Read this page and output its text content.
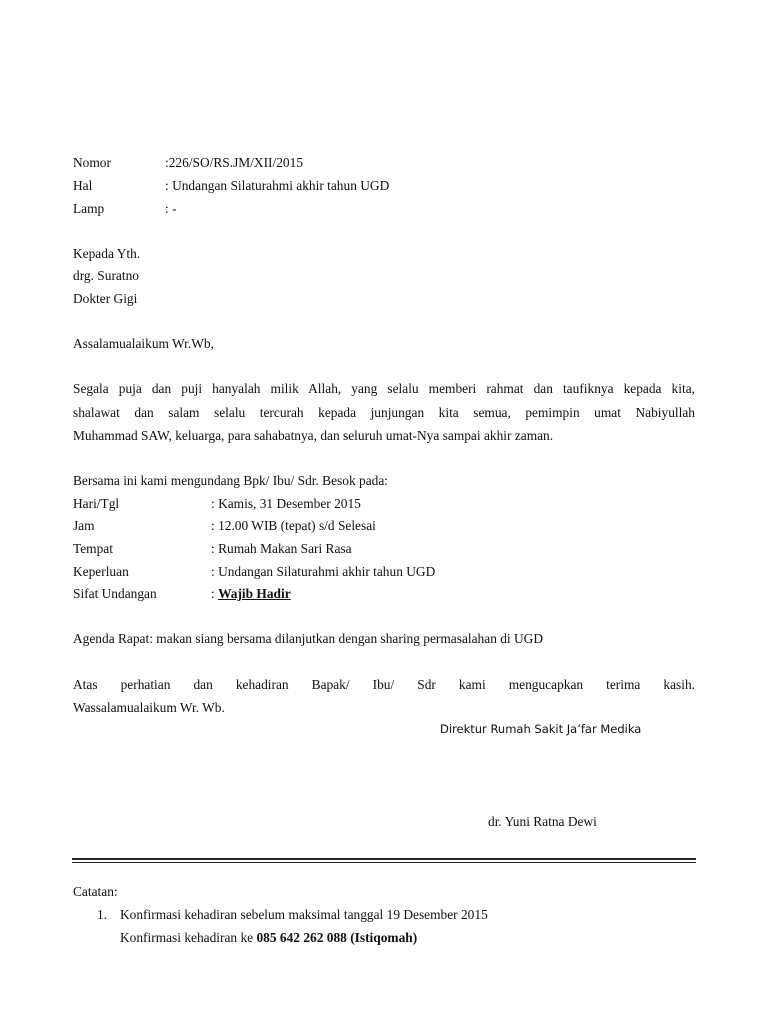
Nomor	:226/SO/RS.JM/XII/2015
Hal	: Undangan Silaturahmi akhir tahun UGD
Lamp	: -
Kepada Yth.
drg. Suratno
Dokter Gigi
Assalamualaikum Wr.Wb,
Segala puja dan puji hanyalah milik Allah, yang selalu memberi rahmat dan taufiknya kepada kita,
shalawat dan salam selalu tercurah kepada junjungan kita semua, pemimpin umat Nabiyullah
Muhammad SAW, keluarga, para sahabatnya, dan seluruh umat-Nya sampai akhir zaman.
Bersama ini kami mengundang Bpk/ Ibu/ Sdr. Besok pada:
Hari/Tgl	: Kamis, 31 Desember 2015
Jam	: 12.00 WIB (tepat) s/d Selesai
Tempat	: Rumah Makan Sari Rasa
Keperluan	: Undangan Silaturahmi akhir tahun UGD
Sifat Undangan	: Wajib Hadir
Agenda Rapat: makan siang bersama dilanjutkan dengan sharing permasalahan di UGD
Atas perhatian dan kehadiran Bapak/ Ibu/ Sdr kami mengucapkan terima kasih.
Wassalamualaikum Wr. Wb.
Direktur Rumah Sakit Ja’far Medika
dr. Yuni Ratna Dewi
Catatan:
1. Konfirmasi kehadiran sebelum maksimal tanggal 19 Desember 2015
Konfirmasi kehadiran ke 085 642 262 088 (Istiqomah)
